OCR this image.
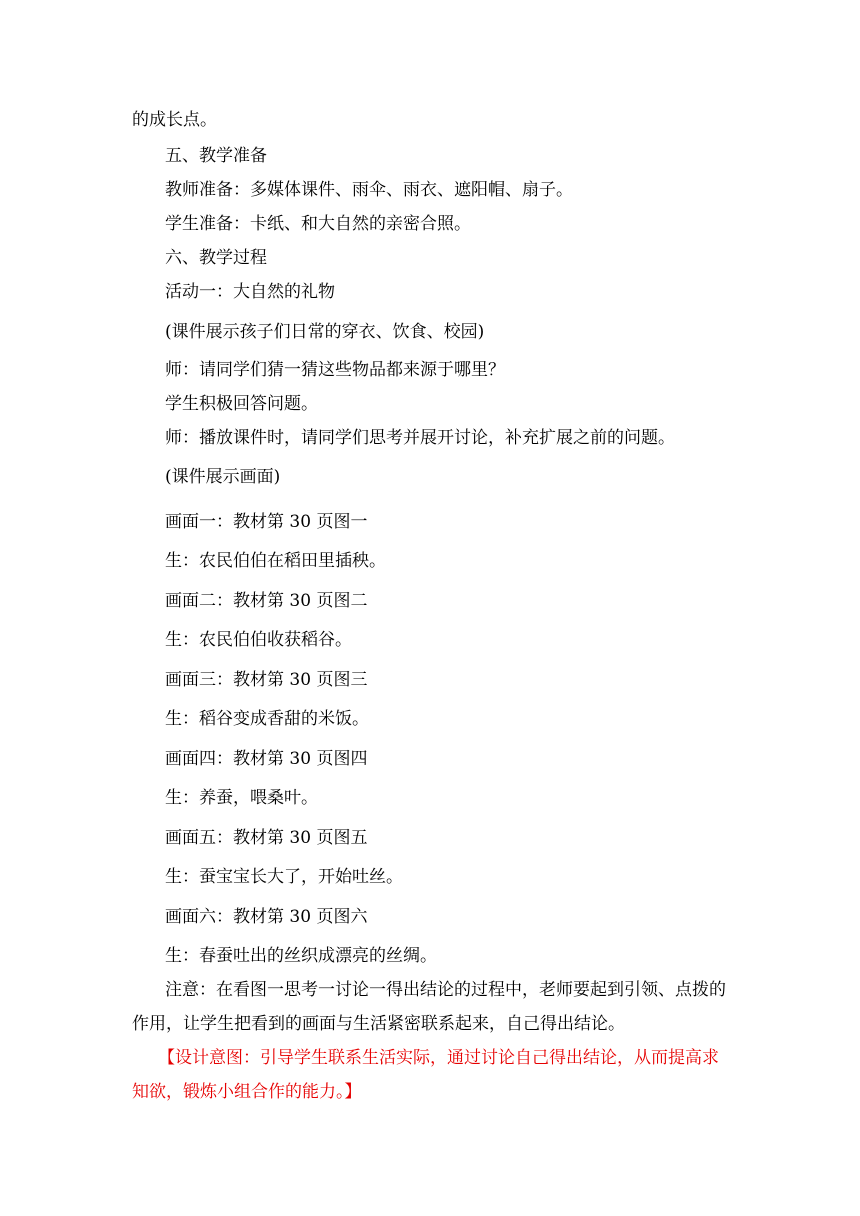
的成长点。
五、教学准备
教师准备：多媒体课件、雨伞、雨衣、遮阳帽、扇子。
学生准备：卡纸、和大自然的亲密合照。
六、教学过程
活动一：大自然的礼物
(课件展示孩子们日常的穿衣、饮食、校园)
师：请同学们猜一猜这些物品都来源于哪里？
学生积极回答问题。
师：播放课件时，请同学们思考并展开讨论，补充扩展之前的问题。
(课件展示画面)
画面一：教材第 30 页图一
生：农民伯伯在稻田里插秧。
画面二：教材第 30 页图二
生：农民伯伯收获稻谷。
画面三：教材第 30 页图三
生：稻谷变成香甜的米饭。
画面四：教材第 30 页图四
生：养蚕，喂桑叶。
画面五：教材第 30 页图五
生：蚕宝宝长大了，开始吐丝。
画面六：教材第 30 页图六
生：春蚕吐出的丝织成漂亮的丝绸。
注意：在看图一思考一讨论一得出结论的过程中，老师要起到引领、点拨的
作用，让学生把看到的画面与生活紧密联系起来，自己得出结论。
【设计意图：引导学生联系生活实际，通过讨论自己得出结论，从而提高求
知欲，锻炼小组合作的能力。】
